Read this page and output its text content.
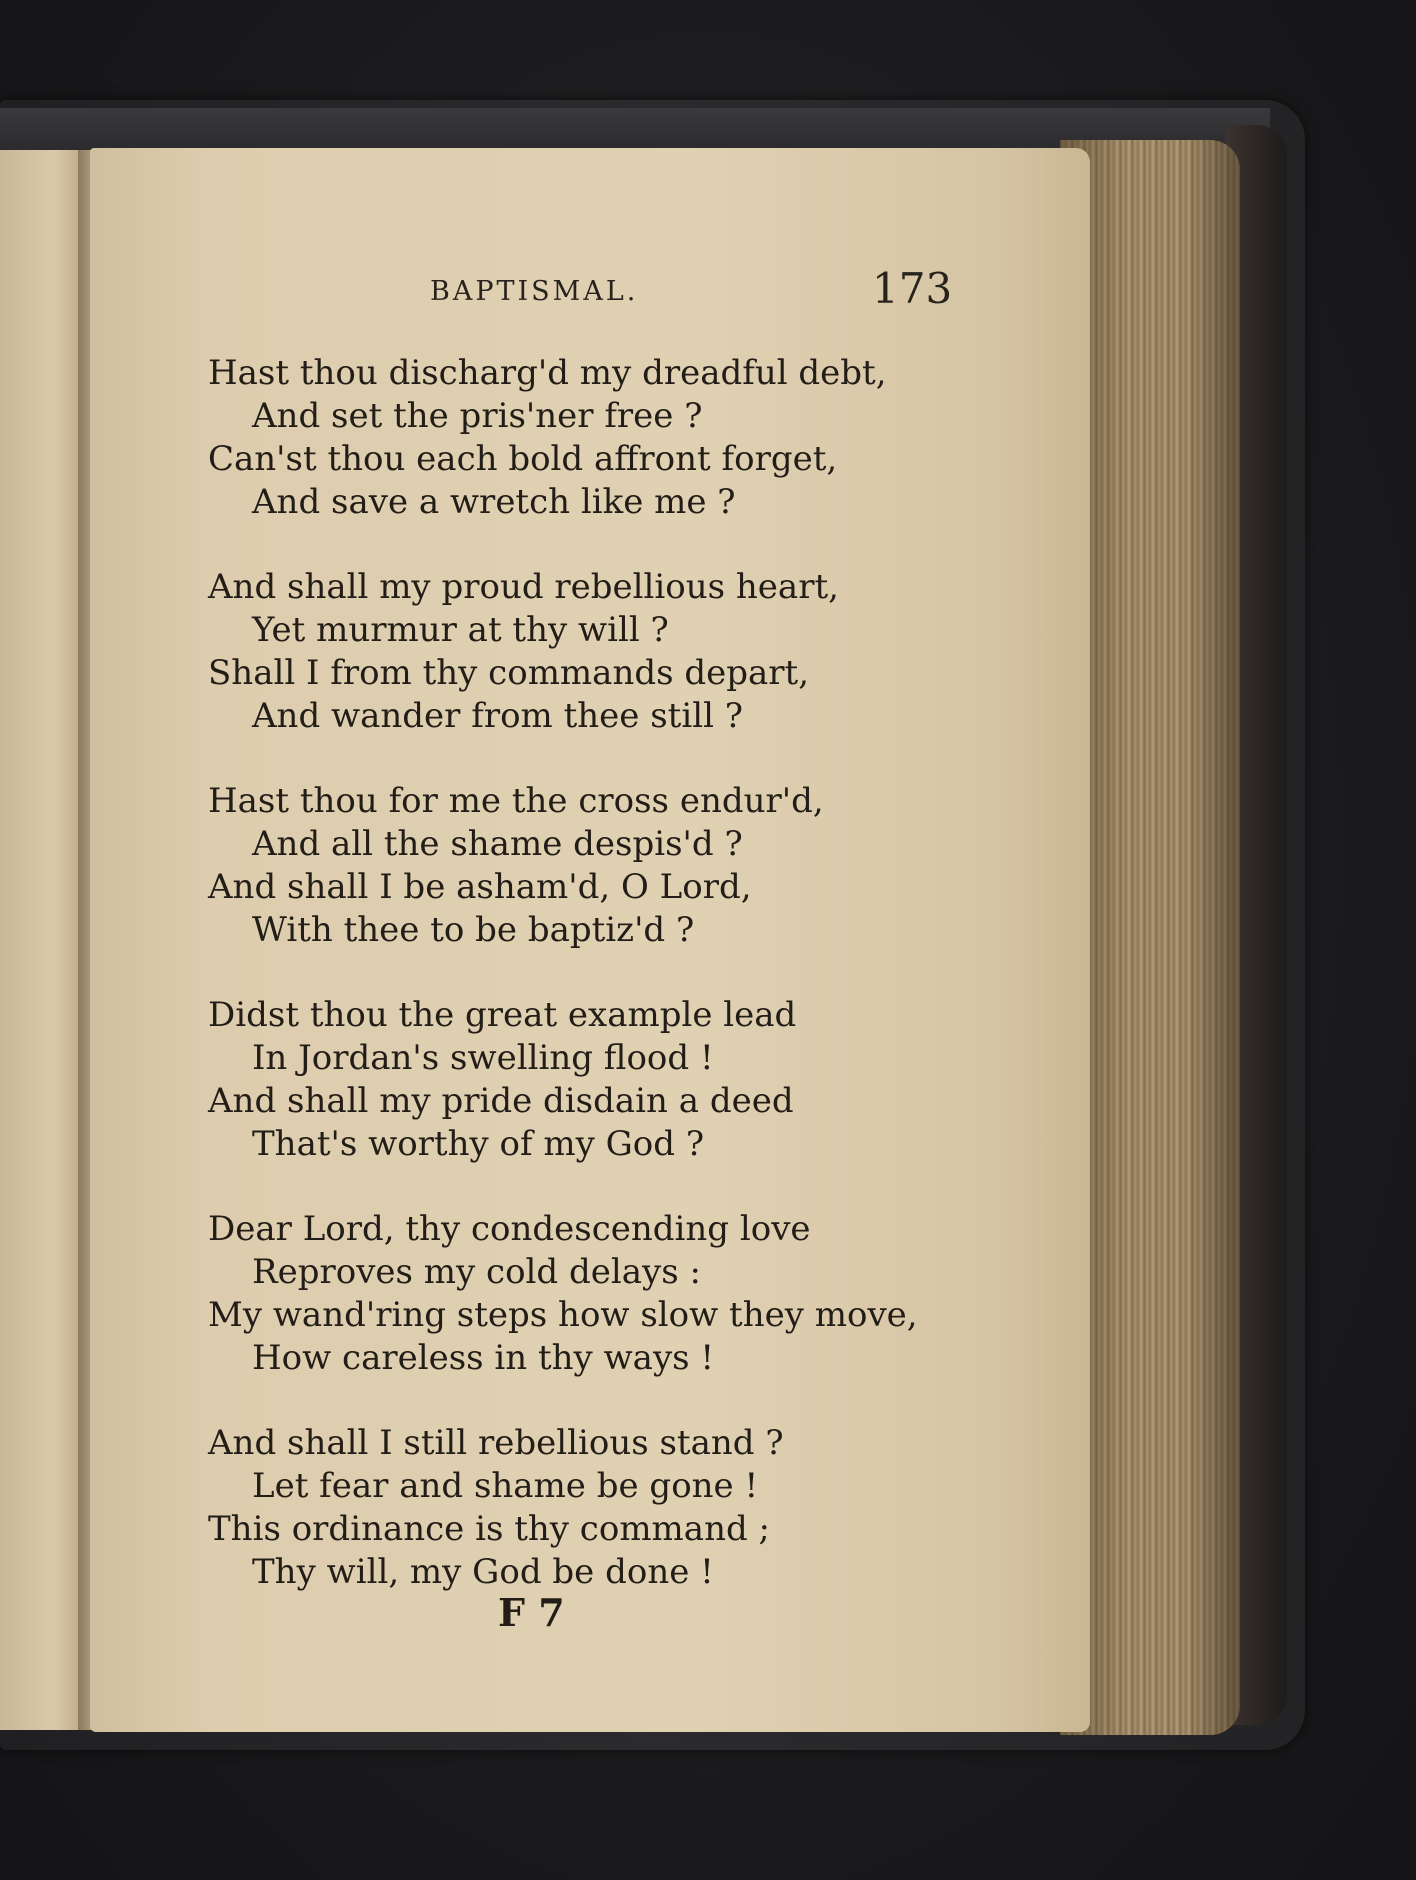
BAPTISMAL.	173
Hast thou discharg'd my dreadful debt,
And set the pris'ner free ?
Can'st thou each bold affront forget,
And save a wretch like me ?
And shall my proud rebellious heart,
Yet murmur at thy will ?
Shall I from thy commands depart,
And wander from thee still ?
Hast thou for me the cross endur'd,
And all the shame despis'd ?
And shall I be asham'd, O Lord,
With thee to be baptiz'd ?
Didst thou the great example lead
In Jordan's swelling flood !
And shall my pride disdain a deed
That's worthy of my God ?
Dear Lord, thy condescending love
Reproves my cold delays :
My wand'ring steps how slow they move,
How careless in thy ways !
And shall I still rebellious stand ?
Let fear and shame be gone !
This ordinance is thy command ;
Thy will, my God be done !
F 7
